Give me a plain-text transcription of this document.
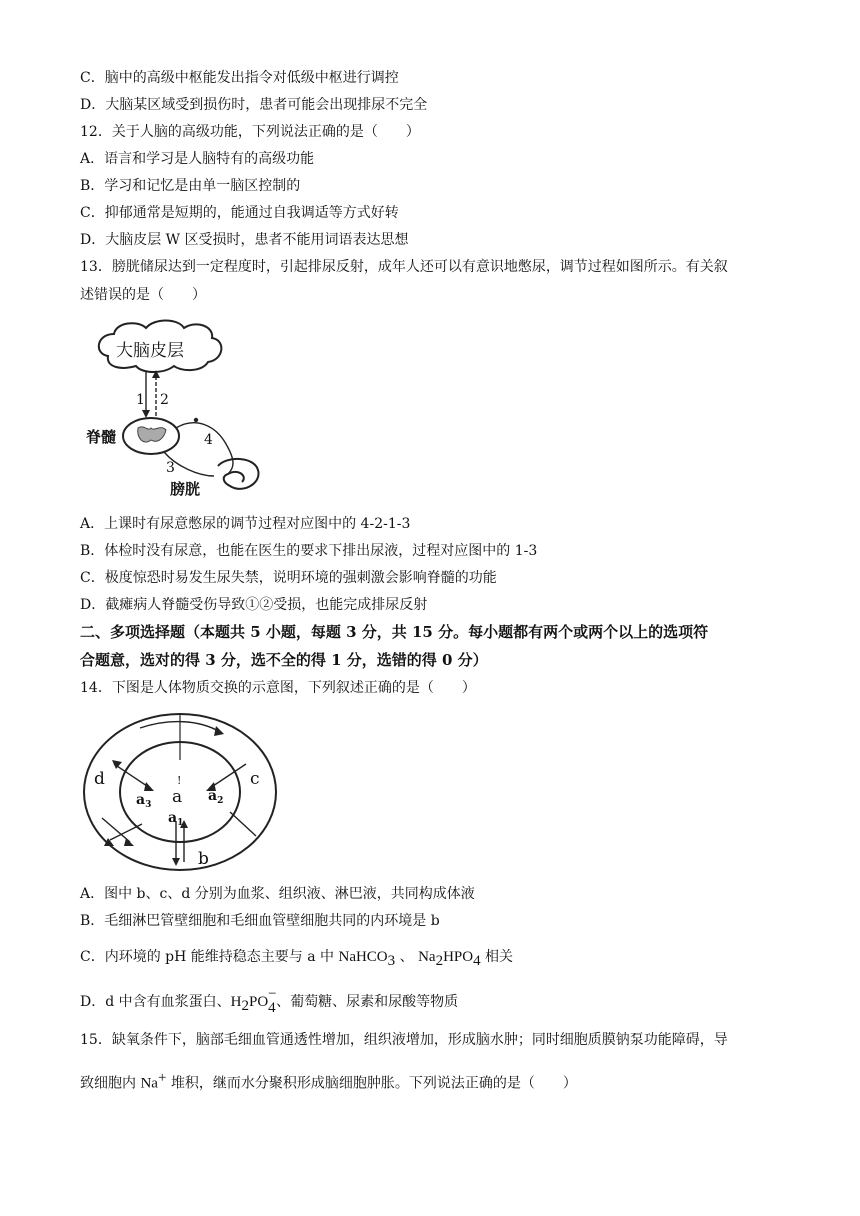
C．脑中的高级中枢能发出指令对低级中枢进行调控
D．大脑某区域受到损伤时，患者可能会出现排尿不完全
12．关于人脑的高级功能，下列说法正确的是（　　）
A．语言和学习是人脑特有的高级功能
B．学习和记忆是由单一脑区控制的
C．抑郁通常是短期的，能通过自我调适等方式好转
D．大脑皮层 W 区受损时，患者不能用词语表达思想
13．膀胱储尿达到一定程度时，引起排尿反射，成年人还可以有意识地憋尿，调节过程如图所示。有关叙
述错误的是（　　）
大脑皮层
1 2
脊髓	4
3
膀胱
A．上课时有尿意憋尿的调节过程对应图中的 4-2-1-3
B．体检时没有尿意，也能在医生的要求下排出尿液，过程对应图中的 1-3
C．极度惊恐时易发生尿失禁，说明环境的强刺激会影响脊髓的功能
D．截瘫病人脊髓受伤导致①②受损，也能完成排尿反射
二、多项选择题（本题共 5 小题，每题 3 分，共 15 分。每小题都有两个或两个以上的选项符
合题意，选对的得 3 分，选不全的得 1 分，选错的得 0 分）
14．下图是人体物质交换的示意图，下列叙述正确的是（　　）
!
a
$a_3$
$a_2$
$a_1$
d	c
b
A．图中 b、c、d 分别为血浆、组织液、淋巴液，共同构成体液
B．毛细淋巴管壁细胞和毛细血管壁细胞共同的内环境是 b
C．内环境的 pH 能维持稳态主要与 a 中 NaHCO$_3$ 、 $Na_2HPO_4$ 相关
D．d 中含有血浆蛋白、$H_2PO$ −
4 、葡萄糖、尿素和尿酸等物质
15．缺氧条件下，脑部毛细血管通透性增加，组织液增加，形成脑水肿；同时细胞质膜钠泵功能障碍，导
致细胞内 Na+ 堆积，继而水分聚积形成脑细胞肿胀。下列说法正确的是（　　）
